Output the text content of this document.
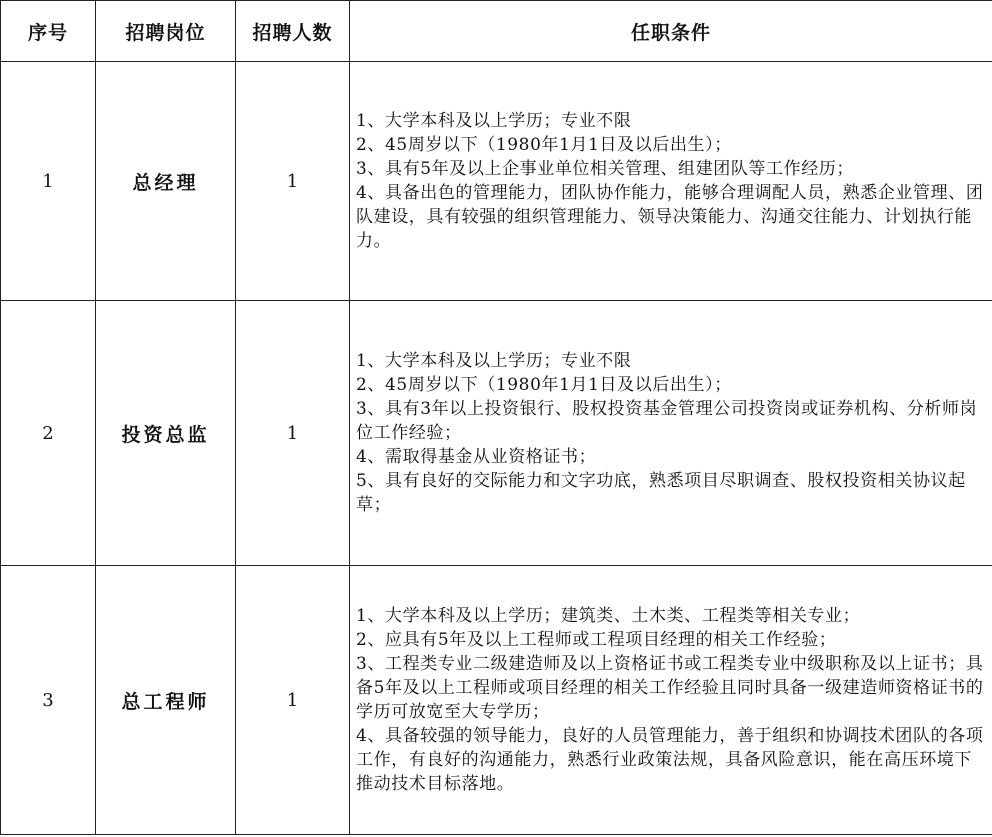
序号	招聘岗位	招聘人数	任职条件
1	总经理	1	1、大学本科及以上学历；专业不限
2、45周岁以下（1980年1月1日及以后出生）；
3、具有5年及以上企事业单位相关管理、组建团队等工作经历；
4、具备出色的管理能力，团队协作能力，能够合理调配人员，熟悉企业管理、团队建设，具有较强的组织管理能力、领导决策能力、沟通交往能力、计划执行能力。

2	投资总监	1	1、大学本科及以上学历；专业不限
2、45周岁以下（1980年1月1日及以后出生）；
3、具有3年以上投资银行、股权投资基金管理公司投资岗或证券机构、分析师岗位工作经验；
4、需取得基金从业资格证书；
5、具有良好的交际能力和文字功底，熟悉项目尽职调查、股权投资相关协议起草；

3	总工程师	1	1、大学本科及以上学历；建筑类、土木类、工程类等相关专业；
2、应具有5年及以上工程师或工程项目经理的相关工作经验；
3、工程类专业二级建造师及以上资格证书或工程类专业中级职称及以上证书；具备5年及以上工程师或项目经理的相关工作经验且同时具备一级建造师资格证书的学历可放宽至大专学历；
4、具备较强的领导能力，良好的人员管理能力，善于组织和协调技术团队的各项工作，有良好的沟通能力，熟悉行业政策法规，具备风险意识，能在高压环境下推动技术目标落地。
